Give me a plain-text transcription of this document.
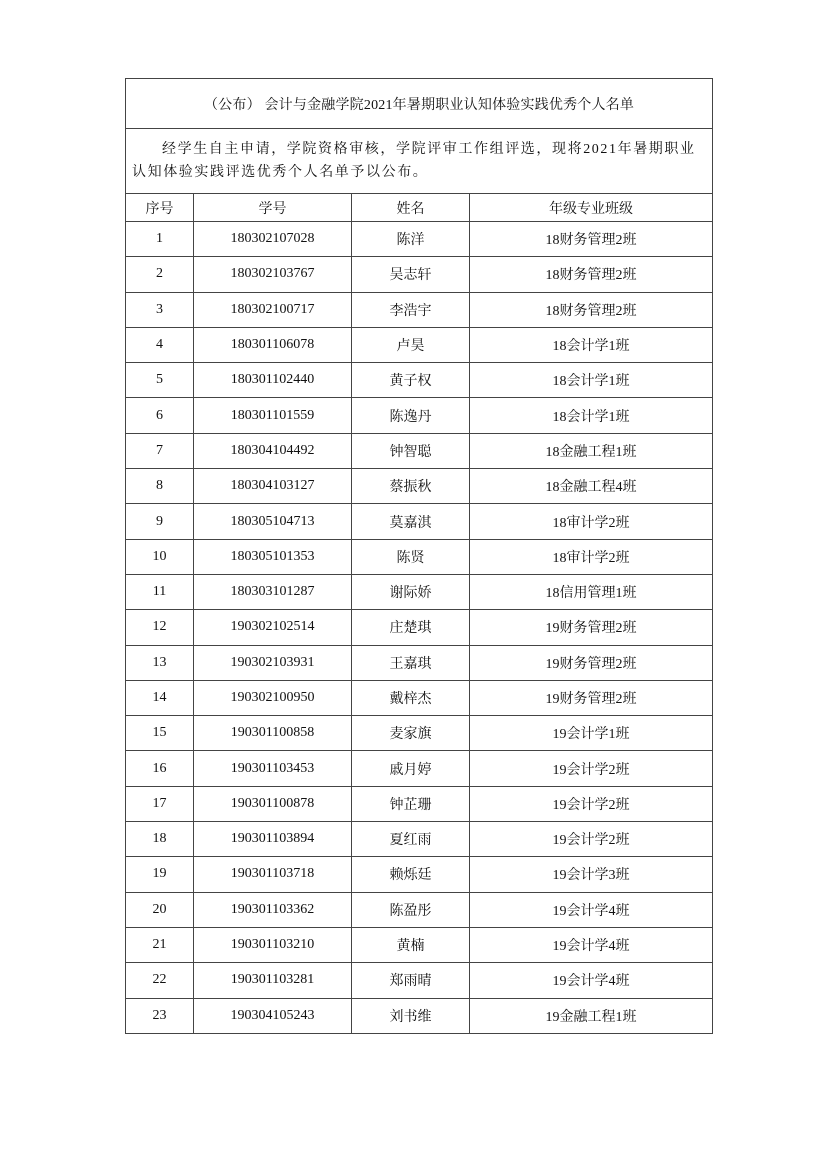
（公布） 会计与金融学院2021年暑期职业认知体验实践优秀个人名单			
经学生自主申请，学院资格审核，学院评审工作组评选，现将2021年暑期职业认知体验实践评选优秀个人名单予以公布。			
序号	学号	姓名	年级专业班级
1	180302107028	陈洋	18财务管理2班
2	180302103767	吴志轩	18财务管理2班
3	180302100717	李浩宇	18财务管理2班
4	180301106078	卢昊	18会计学1班
5	180301102440	黄子权	18会计学1班
6	180301101559	陈逸丹	18会计学1班
7	180304104492	钟智聪	18金融工程1班
8	180304103127	蔡振秋	18金融工程4班
9	180305104713	莫嘉淇	18审计学2班
10	180305101353	陈贤	18审计学2班
11	180303101287	谢际娇	18信用管理1班
12	190302102514	庄楚琪	19财务管理2班
13	190302103931	王嘉琪	19财务管理2班
14	190302100950	戴梓杰	19财务管理2班
15	190301100858	麦家旗	19会计学1班
16	190301103453	戚月婷	19会计学2班
17	190301100878	钟芷珊	19会计学2班
18	190301103894	夏红雨	19会计学2班
19	190301103718	赖烁廷	19会计学3班
20	190301103362	陈盈彤	19会计学4班
21	190301103210	黄楠	19会计学4班
22	190301103281	郑雨晴	19会计学4班
23	190304105243	刘书维	19金融工程1班
